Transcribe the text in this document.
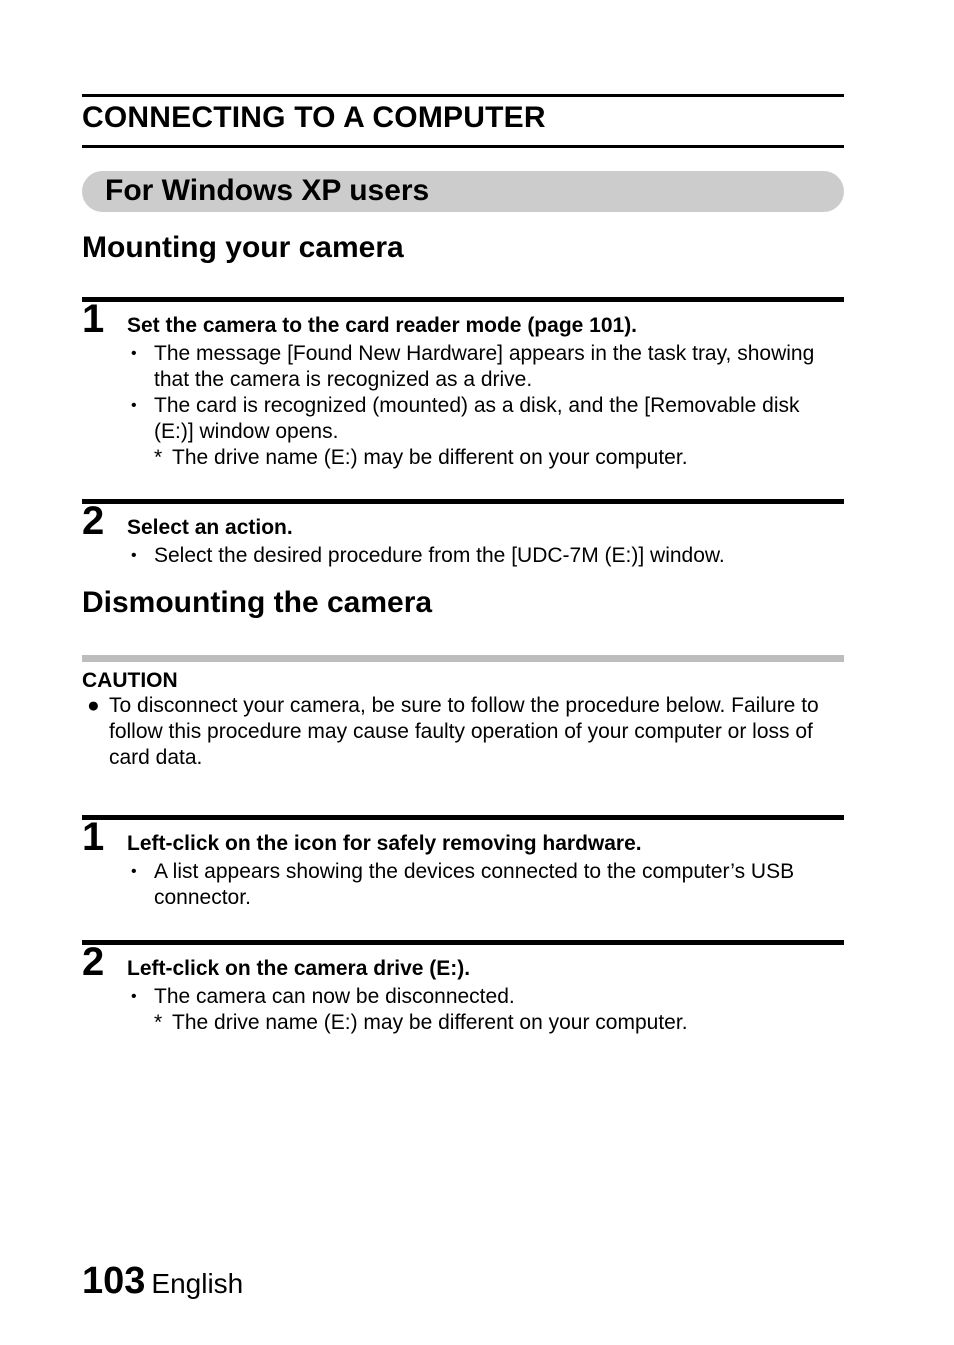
CONNECTING TO A COMPUTER
For Windows XP users
Mounting your camera
1 Set the camera to the card reader mode (page 101).
• The message [Found New Hardware] appears in the task tray, showing that the camera is recognized as a drive.
• The card is recognized (mounted) as a disk, and the [Removable disk (E:)] window opens.
* The drive name (E:) may be different on your computer.
2 Select an action.
• Select the desired procedure from the [UDC-7M (E:)] window.
Dismounting the camera
CAUTION
● To disconnect your camera, be sure to follow the procedure below. Failure to follow this procedure may cause faulty operation of your computer or loss of card data.
1 Left-click on the icon for safely removing hardware.
• A list appears showing the devices connected to the computer’s USB connector.
2 Left-click on the camera drive (E:).
• The camera can now be disconnected.
* The drive name (E:) may be different on your computer.
103 English
